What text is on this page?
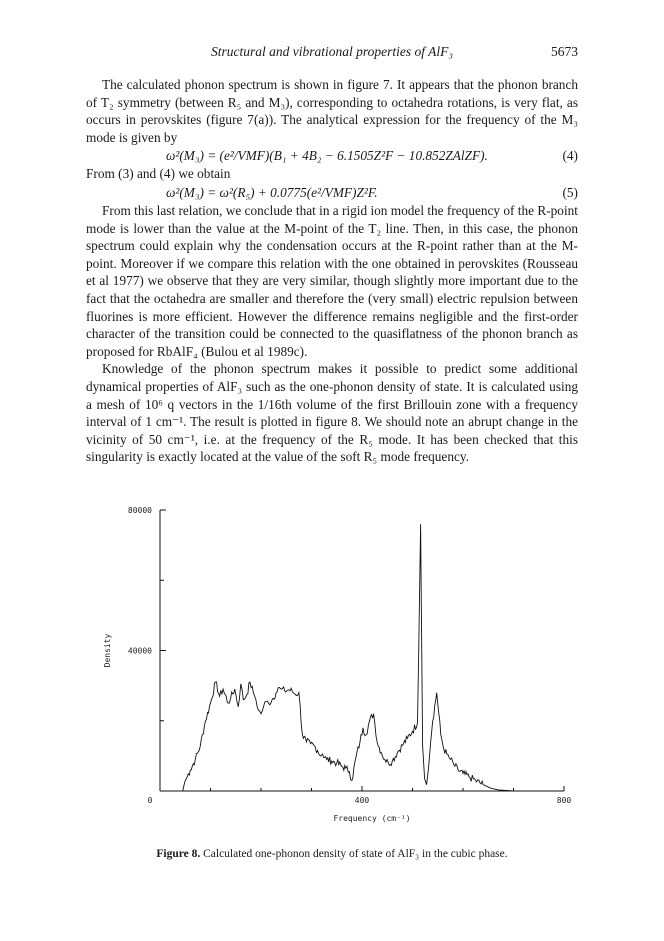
Structural and vibrational properties of AlF₃	5673

The calculated phonon spectrum is shown in figure 7. It appears that the phonon branch of T₂ symmetry (between R₅ and M₃), corresponding to octahedra rotations, is very flat, as occurs in perovskites (figure 7(a)). The analytical expression for the frequency of the M₃ mode is given by

ω²(M₃) = (e²/VMF)(B₁ + 4B₂ − 6.1505Z²F − 10.852ZAlZF).	(4)

From (3) and (4) we obtain

ω²(M₃) = ω²(R₅) + 0.0775(e²/VMF)Z²F.	(5)

From this last relation, we conclude that in a rigid ion model the frequency of the R-point mode is lower than the value at the M-point of the T₂ line. Then, in this case, the phonon spectrum could explain why the condensation occurs at the R-point rather than at the M-point. Moreover if we compare this relation with the one obtained in perovskites (Rousseau et al 1977) we observe that they are very similar, though slightly more important due to the fact that the octahedra are smaller and therefore the (very small) electric repulsion between fluorines is more efficient. However the difference remains negligible and the first-order character of the transition could be connected to the quasiflatness of the phonon branch as proposed for RbAlF₄ (Bulou et al 1989c).

Knowledge of the phonon spectrum makes it possible to predict some additional dynamical properties of AlF₃ such as the one-phonon density of state. It is calculated using a mesh of 10⁶ q vectors in the 1/16th volume of the first Brillouin zone with a frequency interval of 1 cm⁻¹. The result is plotted in figure 8. We should note an abrupt change in the vicinity of 50 cm⁻¹, i.e. at the frequency of the R₅ mode. It has been checked that this singularity is exactly located at the value of the soft R₅ mode frequency.

0	400	800
80000
40000
Frequency (cm⁻¹)
Density
Figure 8. Calculated one-phonon density of state of AlF₃ in the cubic phase.
